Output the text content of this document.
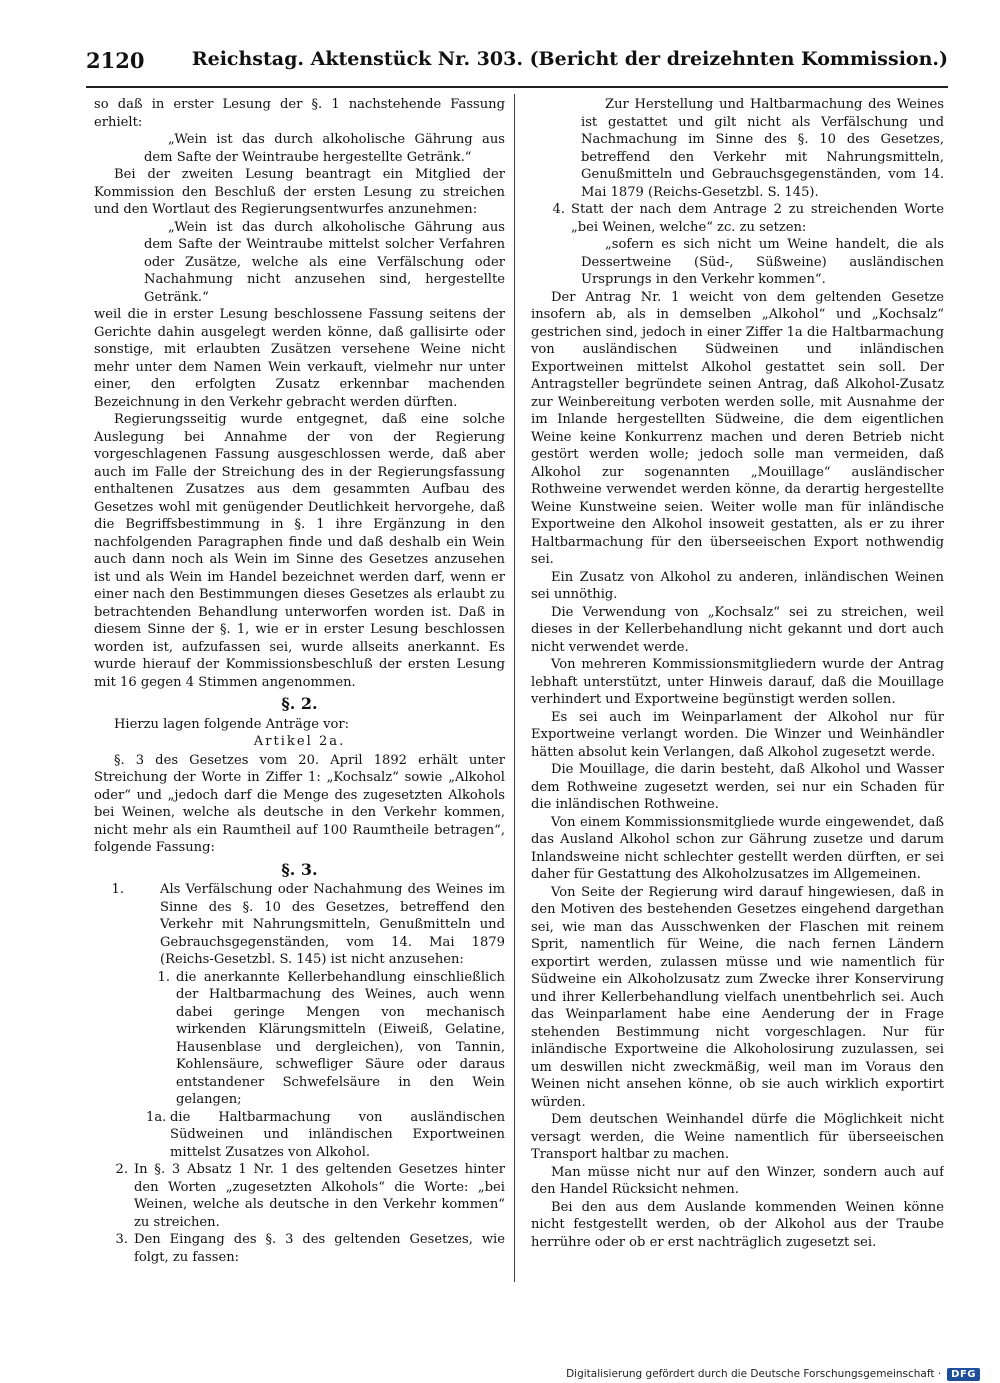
2120 Reichstag. Aktenstück Nr. 303. (Bericht der dreizehnten Kommission.)

so daß in erster Lesung der §. 1 nachstehende Fassung erhielt:

„Wein ist das durch alkoholische Gährung aus dem Safte der Weintraube hergestellte Getränk.“

Bei der zweiten Lesung beantragt ein Mitglied der Kommission den Beschluß der ersten Lesung zu streichen und den Wortlaut des Regierungsentwurfes anzunehmen:

„Wein ist das durch alkoholische Gährung aus dem Safte der Weintraube mittelst solcher Verfahren oder Zusätze, welche als eine Verfälschung oder Nachahmung nicht anzusehen sind, hergestellte Getränk.“

weil die in erster Lesung beschlossene Fassung seitens der Gerichte dahin ausgelegt werden könne, daß gallisirte oder sonstige, mit erlaubten Zusätzen versehene Weine nicht mehr unter dem Namen Wein verkauft, vielmehr nur unter einer, den erfolgten Zusatz erkennbar machenden Bezeichnung in den Verkehr gebracht werden dürften.

Regierungsseitig wurde entgegnet, daß eine solche Auslegung bei Annahme der von der Regierung vorgeschlagenen Fassung ausgeschlossen werde, daß aber auch im Falle der Streichung des in der Regierungsfassung enthaltenen Zusatzes aus dem gesammten Aufbau des Gesetzes wohl mit genügender Deutlichkeit hervorgehe, daß die Begriffsbestimmung in §. 1 ihre Ergänzung in den nachfolgenden Paragraphen finde und daß deshalb ein Wein auch dann noch als Wein im Sinne des Gesetzes anzusehen ist und als Wein im Handel bezeichnet werden darf, wenn er einer nach den Bestimmungen dieses Gesetzes als erlaubt zu betrachtenden Behandlung unterworfen worden ist. Daß in diesem Sinne der §. 1, wie er in erster Lesung beschlossen worden ist, aufzufassen sei, wurde allseits anerkannt. Es wurde hierauf der Kommissionsbeschluß der ersten Lesung mit 16 gegen 4 Stimmen angenommen.

§. 2.

Hierzu lagen folgende Anträge vor:

Artikel 2a.

§. 3 des Gesetzes vom 20. April 1892 erhält unter Streichung der Worte in Ziffer 1: „Kochsalz“ sowie „Alkohol oder“ und „jedoch darf die Menge des zugesetzten Alkohols bei Weinen, welche als deutsche in den Verkehr kommen, nicht mehr als ein Raumtheil auf 100 Raumtheile betragen“, folgende Fassung:

§. 3.

1.	Als Verfälschung oder Nachahmung des Weines im Sinne des §. 10 des Gesetzes, betreffend den Verkehr mit Nahrungsmitteln, Genußmitteln und Gebrauchsgegenständen, vom 14. Mai 1879 (Reichs-Gesetzbl. S. 145) ist nicht anzusehen:
1. die anerkannte Kellerbehandlung einschließlich der Haltbarmachung des Weines, auch wenn dabei geringe Mengen von mechanisch wirkenden Klärungsmitteln (Eiweiß, Gelatine, Hausenblase und dergleichen), von Tannin, Kohlensäure, schwefliger Säure oder daraus entstandener Schwefelsäure in den Wein gelangen;
1a. die Haltbarmachung von ausländischen Südweinen und inländischen Exportweinen mittelst Zusatzes von Alkohol.
2. In §. 3 Absatz 1 Nr. 1 des geltenden Gesetzes hinter den Worten „zugesetzten Alkohols“ die Worte: „bei Weinen, welche als deutsche in den Verkehr kommen“ zu streichen.
3. Den Eingang des §. 3 des geltenden Gesetzes, wie folgt, zu fassen:

Zur Herstellung und Haltbarmachung des Weines ist gestattet und gilt nicht als Verfälschung und Nachmachung im Sinne des §. 10 des Gesetzes, betreffend den Verkehr mit Nahrungsmitteln, Genußmitteln und Gebrauchsgegenständen, vom 14. Mai 1879 (Reichs-Gesetzbl. S. 145).

4. Statt der nach dem Antrage 2 zu streichenden Worte „bei Weinen, welche“ zc. zu setzen:

„sofern es sich nicht um Weine handelt, die als Dessertweine (Süd-, Süßweine) ausländischen Ursprungs in den Verkehr kommen“.

Der Antrag Nr. 1 weicht von dem geltenden Gesetze insofern ab, als in demselben „Alkohol“ und „Kochsalz“ gestrichen sind, jedoch in einer Ziffer 1a die Haltbarmachung von ausländischen Südweinen und inländischen Exportweinen mittelst Alkohol gestattet sein soll. Der Antragsteller begründete seinen Antrag, daß Alkohol-Zusatz zur Weinbereitung verboten werden solle, mit Ausnahme der im Inlande hergestellten Südweine, die dem eigentlichen Weine keine Konkurrenz machen und deren Betrieb nicht gestört werden wolle; jedoch solle man vermeiden, daß Alkohol zur sogenannten „Mouillage“ ausländischer Rothweine verwendet werden könne, da derartig hergestellte Weine Kunstweine seien. Weiter wolle man für inländische Exportweine den Alkohol insoweit gestatten, als er zu ihrer Haltbarmachung für den überseeischen Export nothwendig sei.

Ein Zusatz von Alkohol zu anderen, inländischen Weinen sei unnöthig.

Die Verwendung von „Kochsalz“ sei zu streichen, weil dieses in der Kellerbehandlung nicht gekannt und dort auch nicht verwendet werde.

Von mehreren Kommissionsmitgliedern wurde der Antrag lebhaft unterstützt, unter Hinweis darauf, daß die Mouillage verhindert und Exportweine begünstigt werden sollen.

Es sei auch im Weinparlament der Alkohol nur für Exportweine verlangt worden. Die Winzer und Weinhändler hätten absolut kein Verlangen, daß Alkohol zugesetzt werde.

Die Mouillage, die darin besteht, daß Alkohol und Wasser dem Rothweine zugesetzt werden, sei nur ein Schaden für die inländischen Rothweine.

Von einem Kommissionsmitgliede wurde eingewendet, daß das Ausland Alkohol schon zur Gährung zusetze und darum Inlandsweine nicht schlechter gestellt werden dürften, er sei daher für Gestattung des Alkoholzusatzes im Allgemeinen.

Von Seite der Regierung wird darauf hingewiesen, daß in den Motiven des bestehenden Gesetzes eingehend dargethan sei, wie man das Ausschwenken der Flaschen mit reinem Sprit, namentlich für Weine, die nach fernen Ländern exportirt werden, zulassen müsse und wie namentlich für Südweine ein Alkoholzusatz zum Zwecke ihrer Konservirung und ihrer Kellerbehandlung vielfach unentbehrlich sei. Auch das Weinparlament habe eine Aenderung der in Frage stehenden Bestimmung nicht vorgeschlagen. Nur für inländische Exportweine die Alkoholosirung zuzulassen, sei um deswillen nicht zweckmäßig, weil man im Voraus den Weinen nicht ansehen könne, ob sie auch wirklich exportirt würden.

Dem deutschen Weinhandel dürfe die Möglichkeit nicht versagt werden, die Weine namentlich für überseeischen Transport haltbar zu machen.

Man müsse nicht nur auf den Winzer, sondern auch auf den Handel Rücksicht nehmen.

Bei den aus dem Auslande kommenden Weinen könne nicht festgestellt werden, ob der Alkohol aus der Traube herrühre oder ob er erst nachträglich zugesetzt sei.

Digitalisierung gefördert durch die Deutsche Forschungsgemeinschaft ·	DFG
